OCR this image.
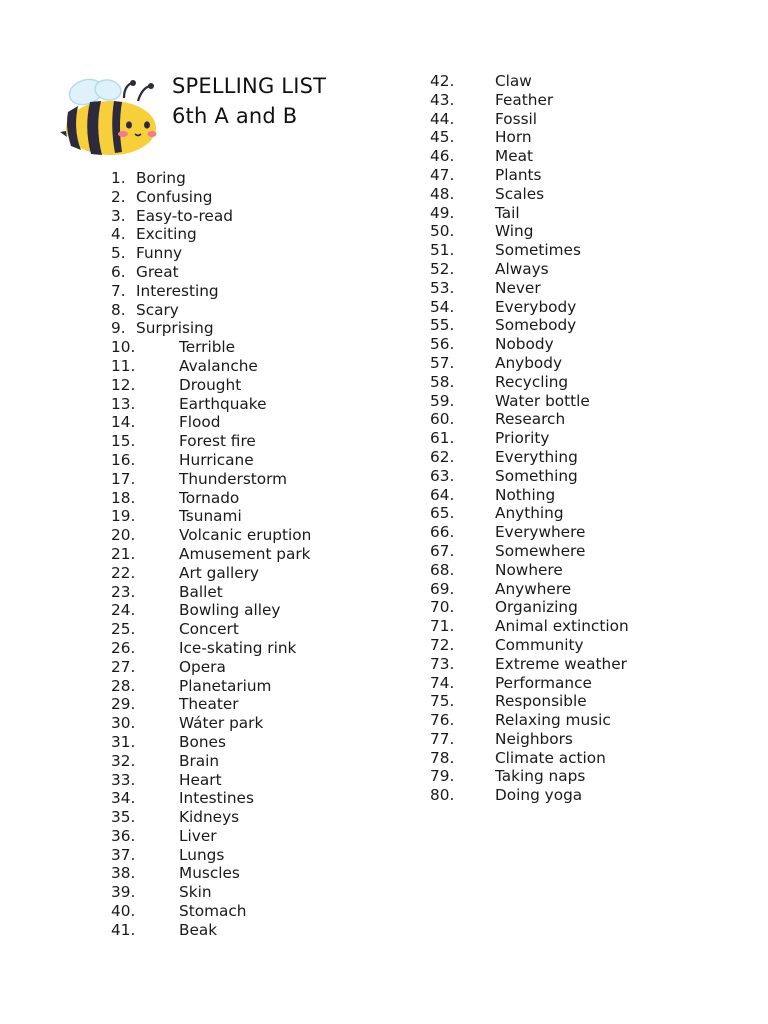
SPELLING LIST
6th A and B
1. Boring
2. Confusing
3. Easy-to-read
4. Exciting
5. Funny
6. Great
7. Interesting
8. Scary
9. Surprising
10.	Terrible
11.	Avalanche
12.	Drought
13.	Earthquake
14.	Flood
15.	Forest fire
16.	Hurricane
17.	Thunderstorm
18.	Tornado
19.	Tsunami
20.	Volcanic eruption
21.	Amusement park
22.	Art gallery
23.	Ballet
24.	Bowling alley
25.	Concert
26.	Ice-skating rink
27.	Opera
28.	Planetarium
29.	Theater
30.	Wáter park
31.	Bones
32.	Brain
33.	Heart
34.	Intestines
35.	Kidneys
36.	Liver
37.	Lungs
38.	Muscles
39.	Skin
40.	Stomach
41.	Beak
42.	Claw
43.	Feather
44.	Fossil
45.	Horn
46.	Meat
47.	Plants
48.	Scales
49.	Tail
50.	Wing
51.	Sometimes
52.	Always
53.	Never
54.	Everybody
55.	Somebody
56.	Nobody
57.	Anybody
58.	Recycling
59.	Water bottle
60.	Research
61.	Priority
62.	Everything
63.	Something
64.	Nothing
65.	Anything
66.	Everywhere
67.	Somewhere
68.	Nowhere
69.	Anywhere
70.	Organizing
71.	Animal extinction
72.	Community
73.	Extreme weather
74.	Performance
75.	Responsible
76.	Relaxing music
77.	Neighbors
78.	Climate action
79.	Taking naps
80.	Doing yoga
